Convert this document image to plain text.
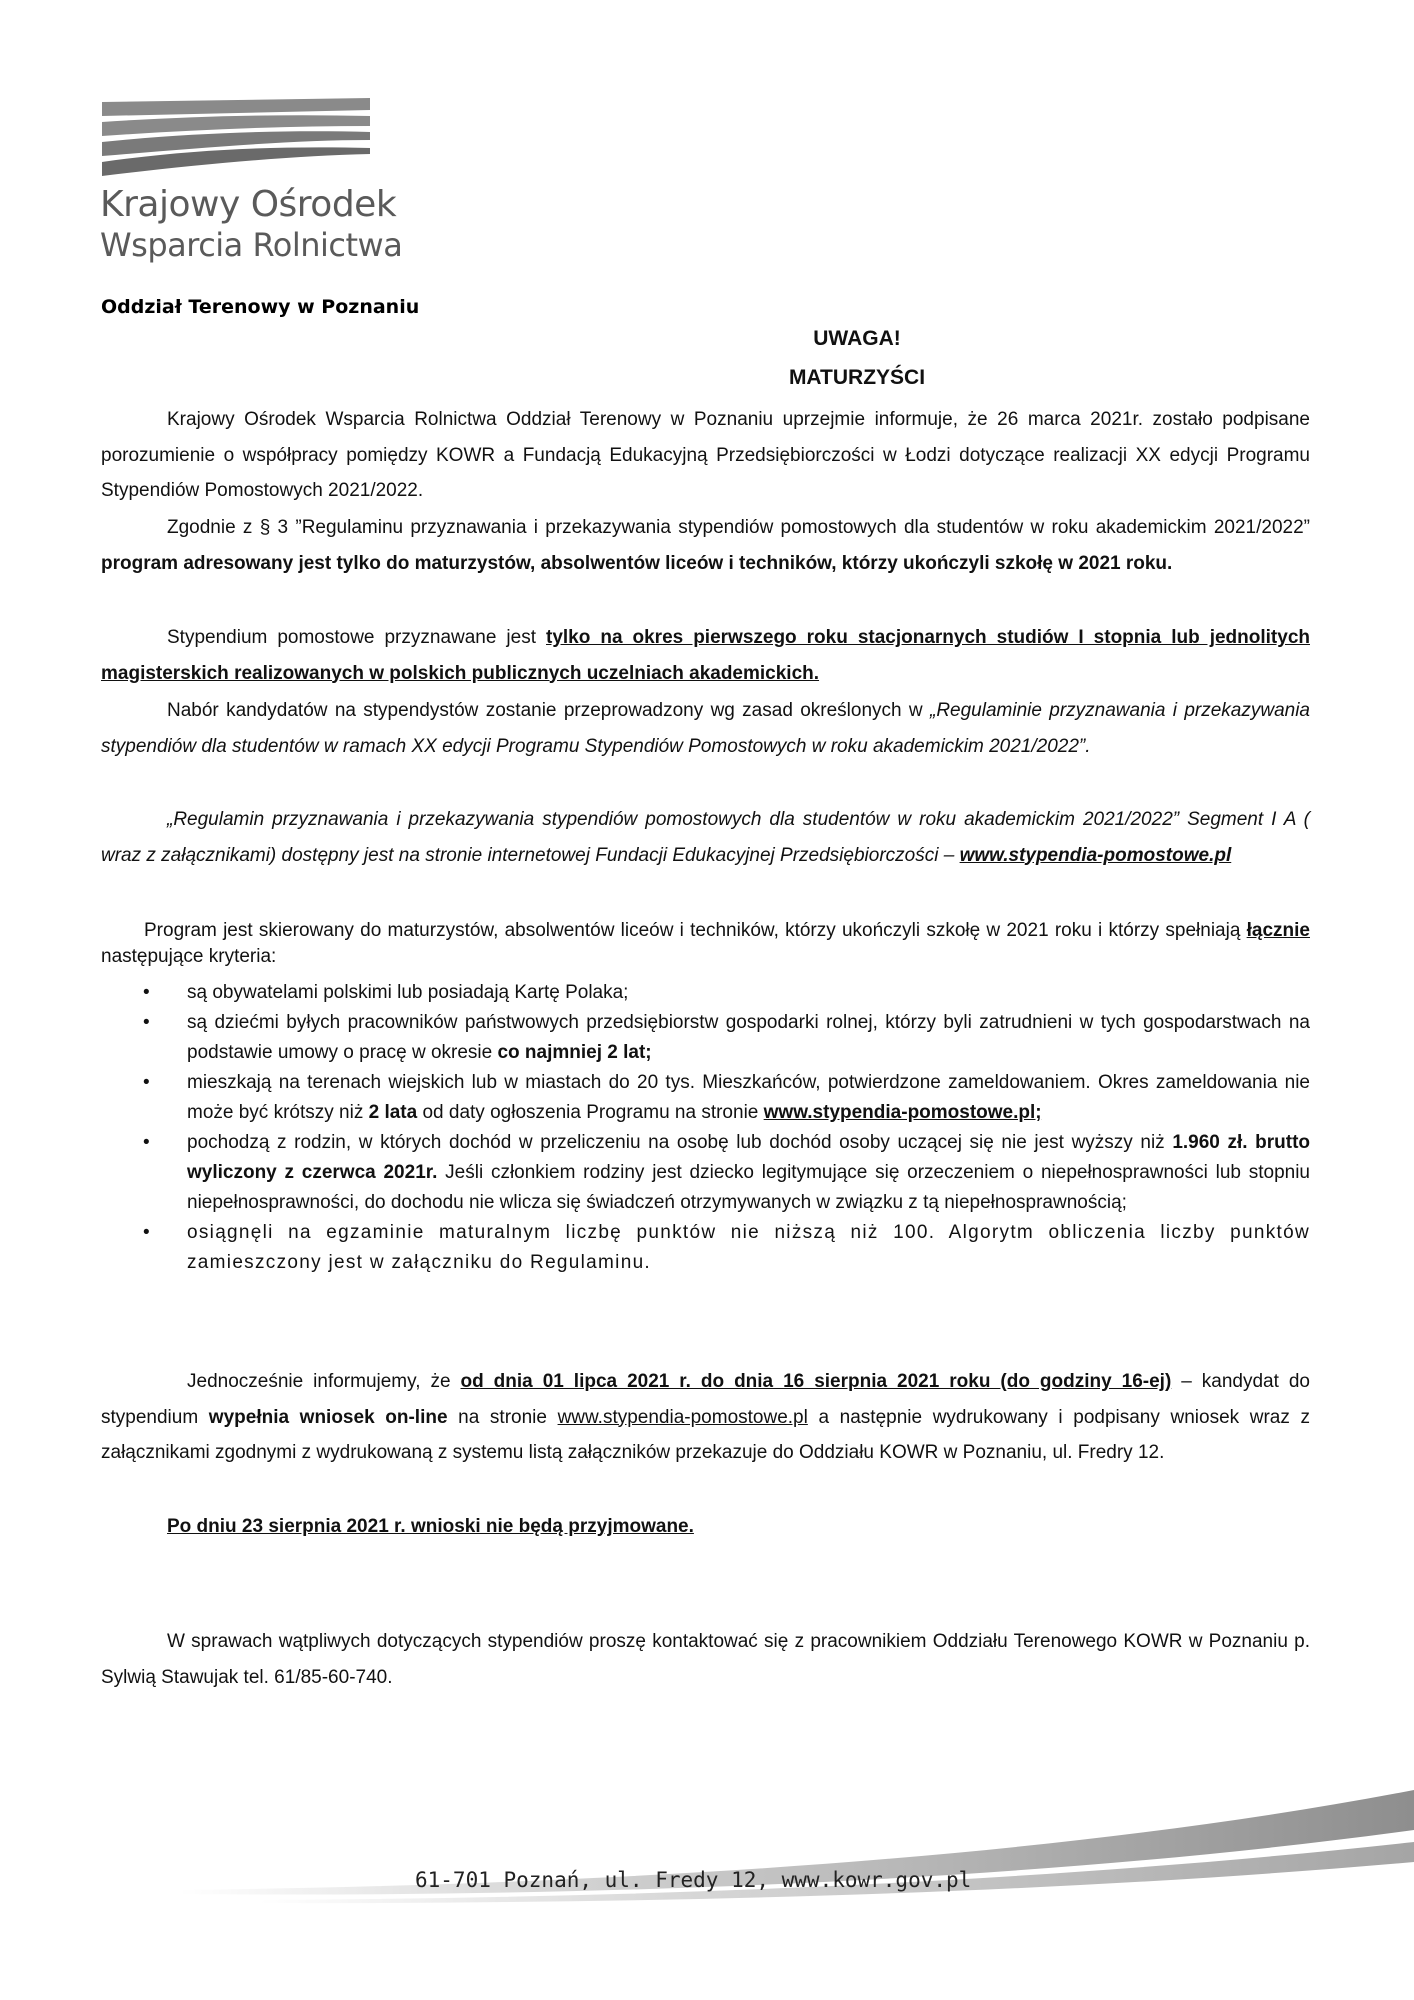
Krajowy Ośrodek
Wsparcia Rolnictwa
Oddział Terenowy w Poznaniu
UWAGA!
MATURZYŚCI

Krajowy Ośrodek Wsparcia Rolnictwa Oddział Terenowy w Poznaniu uprzejmie informuje, że 26 marca 2021r. zostało podpisane porozumienie o współpracy pomiędzy KOWR a Fundacją Edukacyjną Przedsiębiorczości w Łodzi dotyczące realizacji XX edycji Programu Stypendiów Pomostowych 2021/2022.

Zgodnie z § 3 ”Regulaminu przyznawania i przekazywania stypendiów pomostowych dla studentów w roku akademickim 2021/2022” program adresowany jest tylko do maturzystów, absolwentów liceów i techników, którzy ukończyli szkołę w 2021 roku.

Stypendium pomostowe przyznawane jest tylko na okres pierwszego roku stacjonarnych studiów I stopnia lub jednolitych magisterskich realizowanych w polskich publicznych uczelniach akademickich.

Nabór kandydatów na stypendystów zostanie przeprowadzony wg zasad określonych w „Regulaminie przyznawania i przekazywania stypendiów dla studentów w ramach XX edycji Programu Stypendiów Pomostowych w roku akademickim 2021/2022”.

„Regulamin przyznawania i przekazywania stypendiów pomostowych dla studentów w roku akademickim 2021/2022” Segment I A ( wraz z załącznikami) dostępny jest na stronie internetowej Fundacji Edukacyjnej Przedsiębiorczości – www.stypendia-pomostowe.pl

Program jest skierowany do maturzystów, absolwentów liceów i techników, którzy ukończyli szkołę w 2021 roku i którzy spełniają łącznie następujące kryteria:

• są obywatelami polskimi lub posiadają Kartę Polaka;
• są dziećmi byłych pracowników państwowych przedsiębiorstw gospodarki rolnej, którzy byli zatrudnieni w tych gospodarstwach na podstawie umowy o pracę w okresie co najmniej 2 lat;
• mieszkają na terenach wiejskich lub w miastach do 20 tys. Mieszkańców, potwierdzone zameldowaniem. Okres zameldowania nie może być krótszy niż 2 lata od daty ogłoszenia Programu na stronie www.stypendia-pomostowe.pl;
• pochodzą z rodzin, w których dochód w przeliczeniu na osobę lub dochód osoby uczącej się nie jest wyższy niż 1.960 zł. brutto wyliczony z czerwca 2021r. Jeśli członkiem rodziny jest dziecko legitymujące się orzeczeniem o niepełnosprawności lub stopniu niepełnosprawności, do dochodu nie wlicza się świadczeń otrzymywanych w związku z tą niepełnosprawnością;
• osiągnęli na egzaminie maturalnym liczbę punktów nie niższą niż 100. Algorytm obliczenia liczby punktów zamieszczony jest w załączniku do Regulaminu.

Jednocześnie informujemy, że od dnia 01 lipca 2021 r. do dnia 16 sierpnia 2021 roku (do godziny 16-ej) – kandydat do stypendium wypełnia wniosek on-line na stronie www.stypendia-pomostowe.pl a następnie wydrukowany i podpisany wniosek wraz z załącznikami zgodnymi z wydrukowaną z systemu listą załączników przekazuje do Oddziału KOWR w Poznaniu, ul. Fredry 12.

Po dniu 23 sierpnia 2021 r. wnioski nie będą przyjmowane.

W sprawach wątpliwych dotyczących stypendiów proszę kontaktować się z pracownikiem Oddziału Terenowego KOWR w Poznaniu p. Sylwią Stawujak tel. 61/85-60-740.

61-701 Poznań, ul. Fredy 12, www.kowr.gov.pl
